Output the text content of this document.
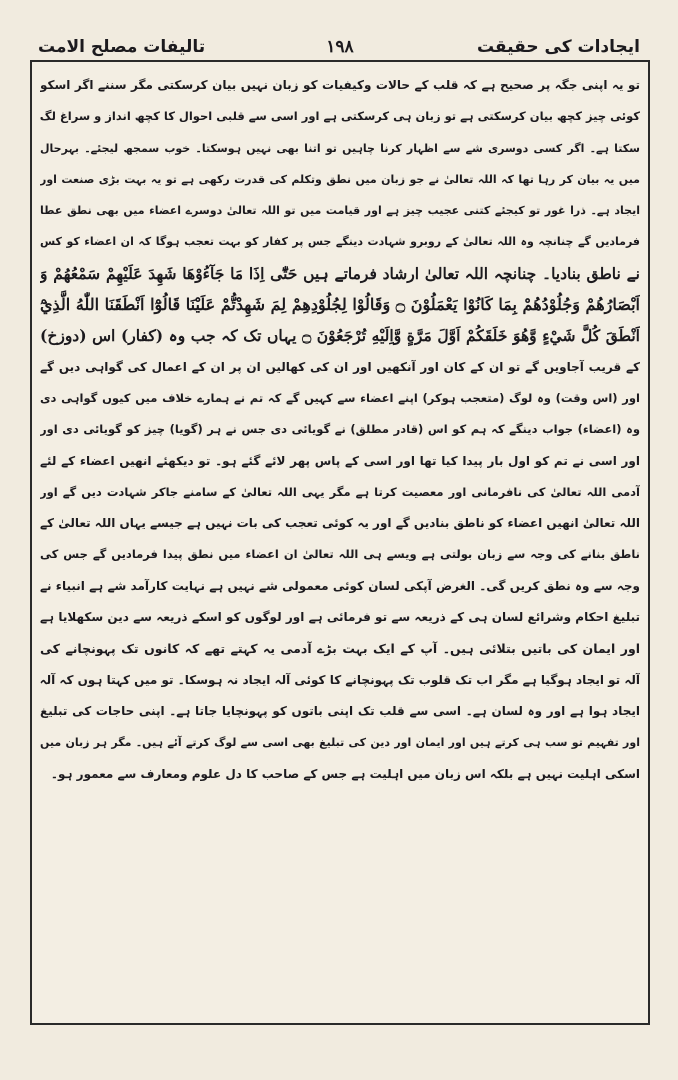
ایجادات کی حقیقت
۱۹۸
تالیفات مصلح الامت
تو یہ اپنی جگہ پر صحیح ہے کہ قلب کے حالات وکیفیات کو زبان نہیں بیان کرسکتی مگر سننے اگر اسکو
کوئی چیز کچھ بیان کرسکتی ہے تو زبان ہی کرسکتی ہے اور اسی سے قلبی احوال کا کچھ انداز و سراغ لگ
سکتا ہے۔ اگر کسی دوسری شے سے اظہار کرنا چاہیں تو اتنا بھی نہیں ہوسکتا۔ خوب سمجھ لیجئے۔ بہرحال
میں یہ بیان کر رہا تھا کہ اللہ تعالیٰ نے جو زبان میں نطق وتکلم کی قدرت رکھی ہے تو یہ بہت بڑی صنعت اور
ایجاد ہے۔ ذرا غور تو کیجئے کتنی عجیب چیز ہے اور قیامت میں تو اللہ تعالیٰ دوسرے اعضاء میں بھی نطق عطا
فرمادیں گے چنانچہ وہ اللہ تعالیٰ کے روبرو شہادت دینگے جس پر کفار کو بہت تعجب ہوگا کہ ان اعضاء کو کس
نے ناطق بنادیا۔ چنانچہ اللہ تعالیٰ ارشاد فرماتے ہیں حَتّٰٓی اِذَا مَا جَآءُوْهَا شَهِدَ عَلَيْهِمْ سَمْعُهُمْ وَ
اَبْصَارُهُمْ وَجُلُوْدُهُمْ بِمَا كَانُوْا يَعْمَلُوْنَ ۝ وَقَالُوْا لِجُلُوْدِهِمْ لِمَ شَهِدْتُّمْ عَلَيْنَا قَالُوْٓا اَنْطَقَنَا اللّٰهُ الَّذِيْٓ
اَنْطَقَ كُلَّ شَيْءٍ وَّهُوَ خَلَقَكُمْ اَوَّلَ مَرَّةٍ وَّاِلَيْهِ تُرْجَعُوْنَ ۝ یہاں تک کہ جب وہ (کفار) اس (دوزخ)
کے قریب آجاویں گے تو ان کے کان اور آنکھیں اور ان کی کھالیں ان پر ان کے اعمال کی گواہی دیں گے
اور (اس وقت) وہ لوگ (متعجب ہوکر) اپنے اعضاء سے کہیں گے کہ تم نے ہمارے خلاف میں کیوں گواہی دی
وہ (اعضاء) جواب دینگے کہ ہم کو اس (قادر مطلق) نے گویائی دی جس نے ہر (گویا) چیز کو گویائی دی اور
اور اسی نے تم کو اول بار پیدا کیا تھا اور اسی کے پاس پھر لائے گئے ہو۔ تو دیکھئے انھیں اعضاء کے لئے
آدمی اللہ تعالیٰ کی نافرمانی اور معصیت کرتا ہے مگر یہی اللہ تعالیٰ کے سامنے جاکر شہادت دیں گے اور
اللہ تعالیٰ انھیں اعضاء کو ناطق بنادیں گے اور یہ کوئی تعجب کی بات نہیں ہے جیسے یہاں اللہ تعالیٰ کے
ناطق بنانے کی وجہ سے زبان بولتی ہے ویسے ہی اللہ تعالیٰ ان اعضاء میں نطق پیدا فرمادیں گے جس کی
وجہ سے وہ نطق کریں گی۔ الغرض آپکی لسان کوئی معمولی شے نہیں ہے نہایت کارآمد شے ہے انبیاء نے
تبلیغ احکام وشرائع لسان ہی کے ذریعہ سے تو فرمائی ہے اور لوگوں کو اسکے ذریعہ سے دین سکھلایا ہے
اور ایمان کی باتیں بتلائی ہیں۔ آپ کے ایک بہت بڑے آدمی یہ کہتے تھے کہ کانوں تک پہونچانے کی
آلہ تو ایجاد ہوگیا ہے مگر اب تک قلوب تک پہونچانے کا کوئی آلہ ایجاد نہ ہوسکا۔ تو میں کہتا ہوں کہ آلہ
ایجاد ہوا ہے اور وہ لسان ہے۔ اسی سے قلب تک اپنی باتوں کو پہونچایا جاتا ہے۔ اپنی حاجات کی تبلیغ
اور تفہیم تو سب ہی کرتے ہیں اور ایمان اور دین کی تبلیغ بھی اسی سے لوگ کرتے آئے ہیں۔ مگر ہر زبان میں
اسکی اہلیت نہیں ہے بلکہ اس زبان میں اہلیت ہے جس کے صاحب کا دل علوم ومعارف سے معمور ہو۔
